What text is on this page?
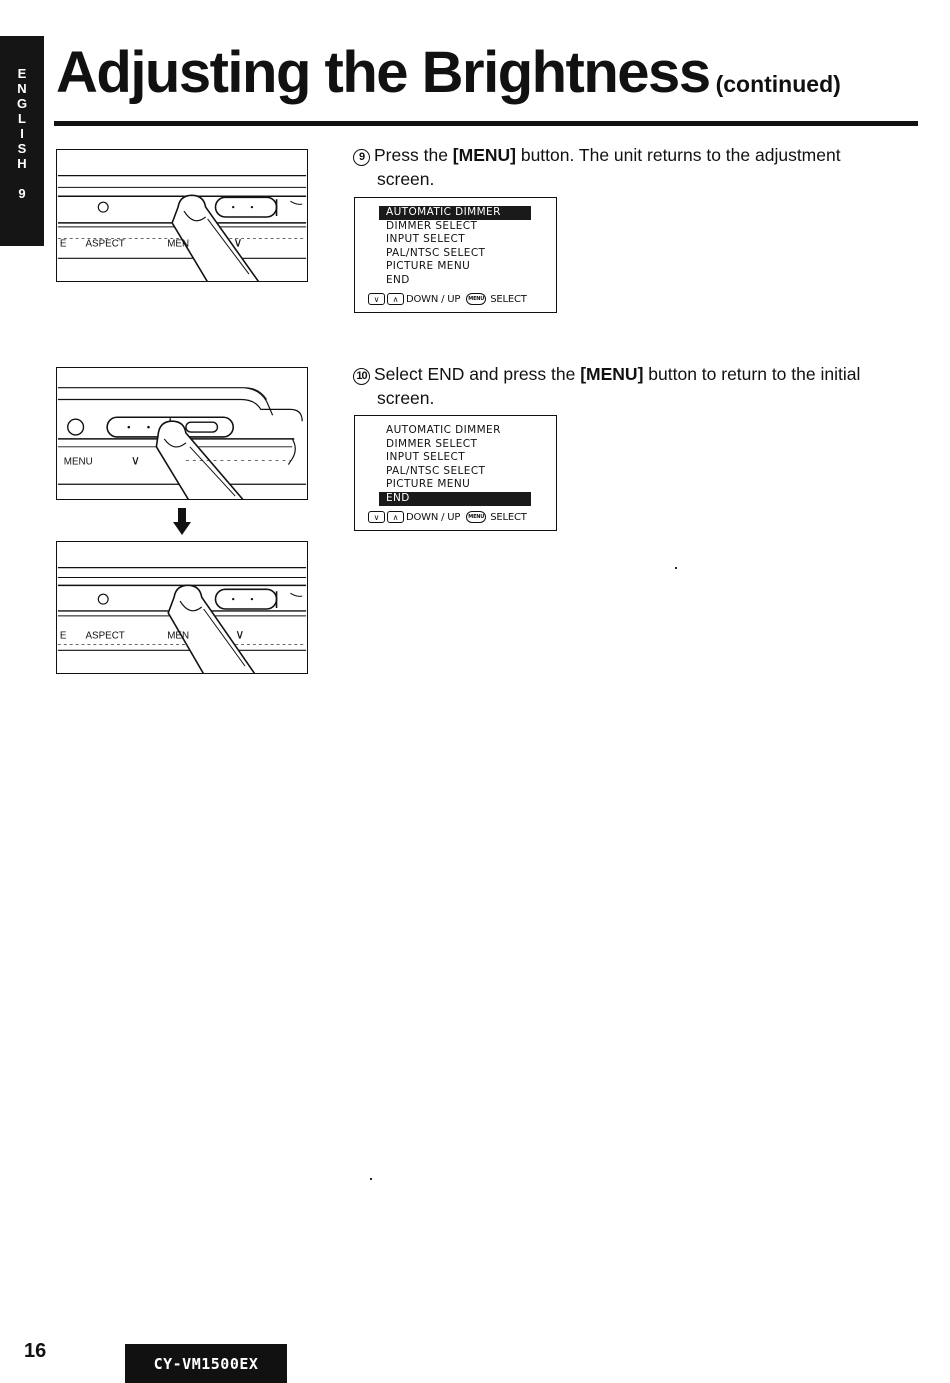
E
N
G
L
I
S
H
9
Adjusting the Brightness (continued)
E ASPECT	MEN	∨
9 Press the [MENU] button. The unit returns to the adjustment
screen.
AUTOMATIC DIMMER
DIMMER SELECT
INPUT SELECT
PAL/NTSC SELECT
PICTURE MENU
END
∨	∧ DOWN / UP	MENU SELECT
MENU	∨
E ASPECT	MEN	∨
10 Select END and press the [MENU] button to return to the initial
screen.
AUTOMATIC DIMMER
DIMMER SELECT
INPUT SELECT
PAL/NTSC SELECT
PICTURE MENU
END
∨	∧ DOWN / UP	MENU SELECT
16
CY-VM1500EX
